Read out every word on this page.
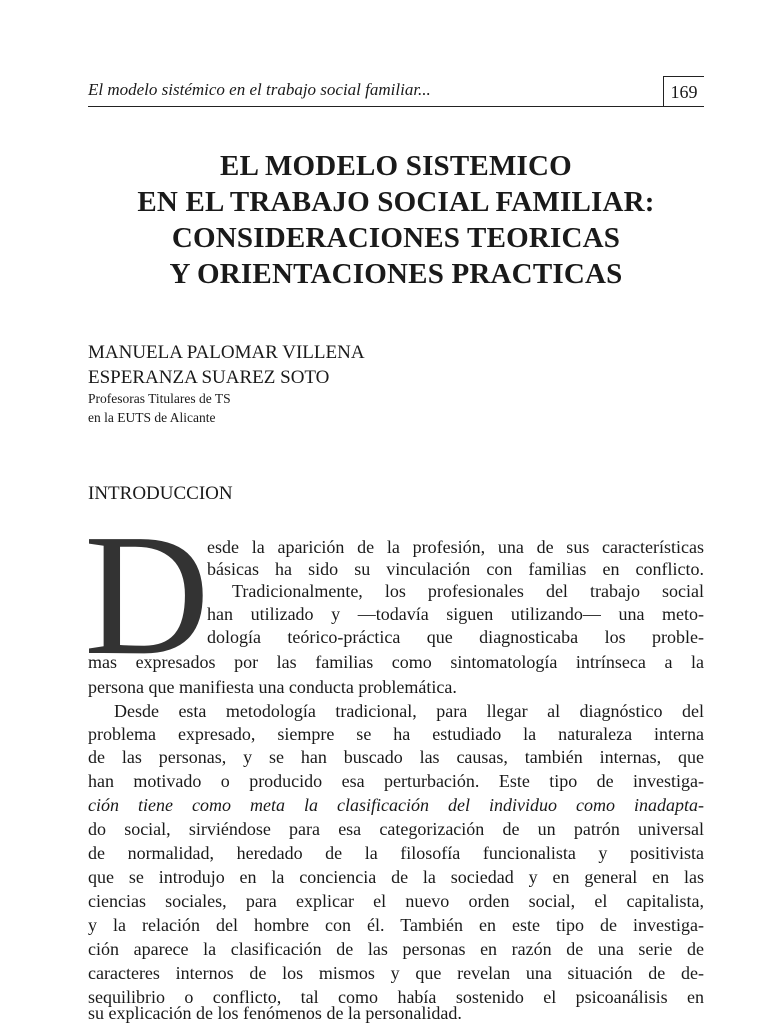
El modelo sistémico en el trabajo social familiar...	169
EL MODELO SISTEMICO
EN EL TRABAJO SOCIAL FAMILIAR:
CONSIDERACIONES TEORICAS
Y ORIENTACIONES PRACTICAS
MANUELA PALOMAR VILLENA
ESPERANZA SUAREZ SOTO
Profesoras Titulares de TS
en la EUTS de Alicante
INTRODUCCION
D
esde la aparición de la profesión, una de sus características
básicas ha sido su vinculación con familias en conflicto.
Tradicionalmente, los profesionales del trabajo social
han utilizado y —todavía siguen utilizando— una meto-
dología teórico-práctica que diagnosticaba los proble-
mas expresados por las familias como sintomatología intrínseca a la
persona que manifiesta una conducta problemática.
Desde esta metodología tradicional, para llegar al diagnóstico del
problema expresado, siempre se ha estudiado la naturaleza interna
de las personas, y se han buscado las causas, también internas, que
han motivado o producido esa perturbación. Este tipo de investiga-
ción tiene como meta la clasificación del individuo como inadapta-
do social, sirviéndose para esa categorización de un patrón universal
de normalidad, heredado de la filosofía funcionalista y positivista
que se introdujo en la conciencia de la sociedad y en general en las
ciencias sociales, para explicar el nuevo orden social, el capitalista,
y la relación del hombre con él. También en este tipo de investiga-
ción aparece la clasificación de las personas en razón de una serie de
caracteres internos de los mismos y que revelan una situación de de-
sequilibrio o conflicto, tal como había sostenido el psicoanálisis en
su explicación de los fenómenos de la personalidad.
